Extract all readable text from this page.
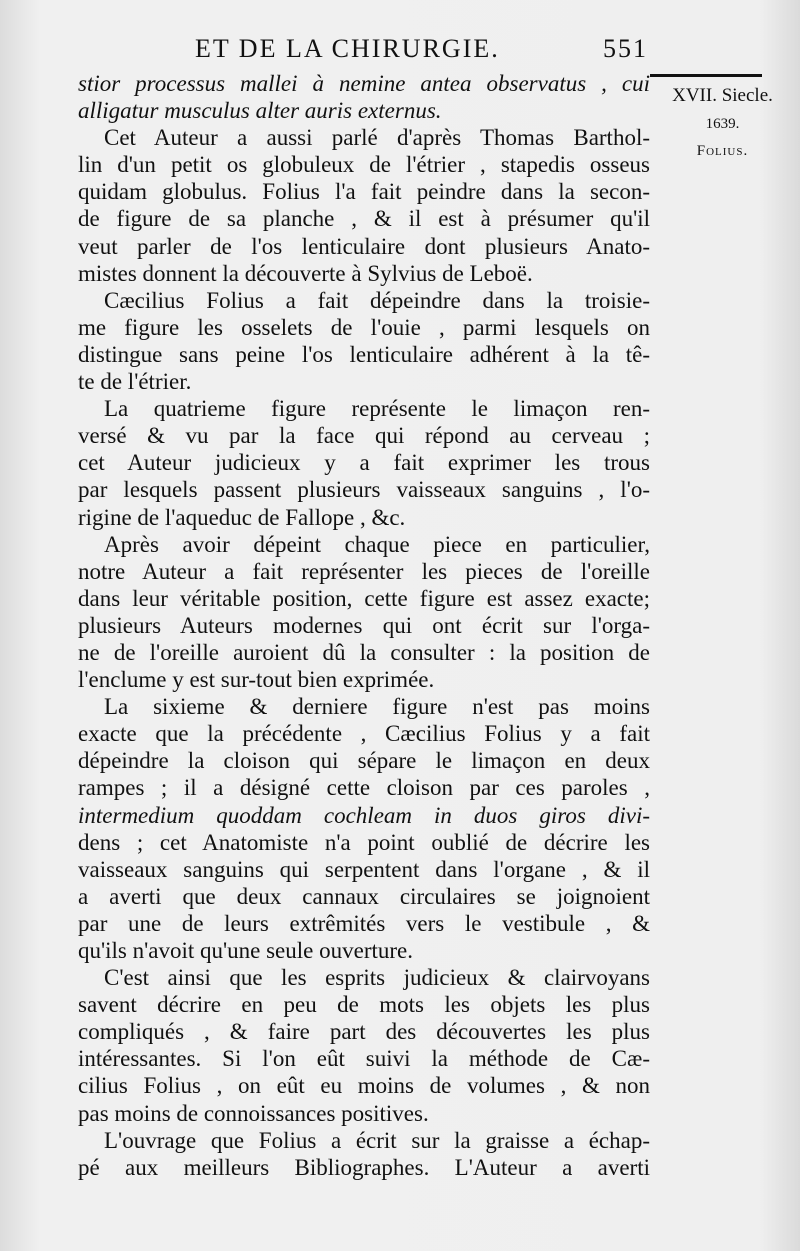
ET DE LA CHIRURGIE.	551
XVII. Siecle.
1639.
Folius.
stior processus mallei à nemine antea observatus , cui
alligatur musculus alter auris externus.
Cet Auteur a aussi parlé d'après Thomas Barthol-
lin d'un petit os globuleux de l'étrier , stapedis osseus
quidam globulus. Folius l'a fait peindre dans la secon-
de figure de sa planche , & il est à présumer qu'il
veut parler de l'os lenticulaire dont plusieurs Anato-
mistes donnent la découverte à Sylvius de Leboë.
Cæcilius Folius a fait dépeindre dans la troisie-
me figure les osselets de l'ouie , parmi lesquels on
distingue sans peine l'os lenticulaire adhérent à la tê-
te de l'étrier.
La quatrieme figure représente le limaçon ren-
versé & vu par la face qui répond au cerveau ;
cet Auteur judicieux y a fait exprimer les trous
par lesquels passent plusieurs vaisseaux sanguins , l'o-
rigine de l'aqueduc de Fallope , &c.
Après avoir dépeint chaque piece en particulier,
notre Auteur a fait représenter les pieces de l'oreille
dans leur véritable position, cette figure est assez exacte;
plusieurs Auteurs modernes qui ont écrit sur l'orga-
ne de l'oreille auroient dû la consulter : la position de
l'enclume y est sur-tout bien exprimée.
La sixieme & derniere figure n'est pas moins
exacte que la précédente , Cæcilius Folius y a fait
dépeindre la cloison qui sépare le limaçon en deux
rampes ; il a désigné cette cloison par ces paroles ,
intermedium quoddam cochleam in duos giros divi-
dens ; cet Anatomiste n'a point oublié de décrire les
vaisseaux sanguins qui serpentent dans l'organe , & il
a averti que deux cannaux circulaires se joignoient
par une de leurs extrêmités vers le vestibule , &
qu'ils n'avoit qu'une seule ouverture.
C'est ainsi que les esprits judicieux & clairvoyans
savent décrire en peu de mots les objets les plus
compliqués , & faire part des découvertes les plus
intéressantes. Si l'on eût suivi la méthode de Cæ-
cilius Folius , on eût eu moins de volumes , & non
pas moins de connoissances positives.
L'ouvrage que Folius a écrit sur la graisse a échap-
pé aux meilleurs Bibliographes. L'Auteur a averti
